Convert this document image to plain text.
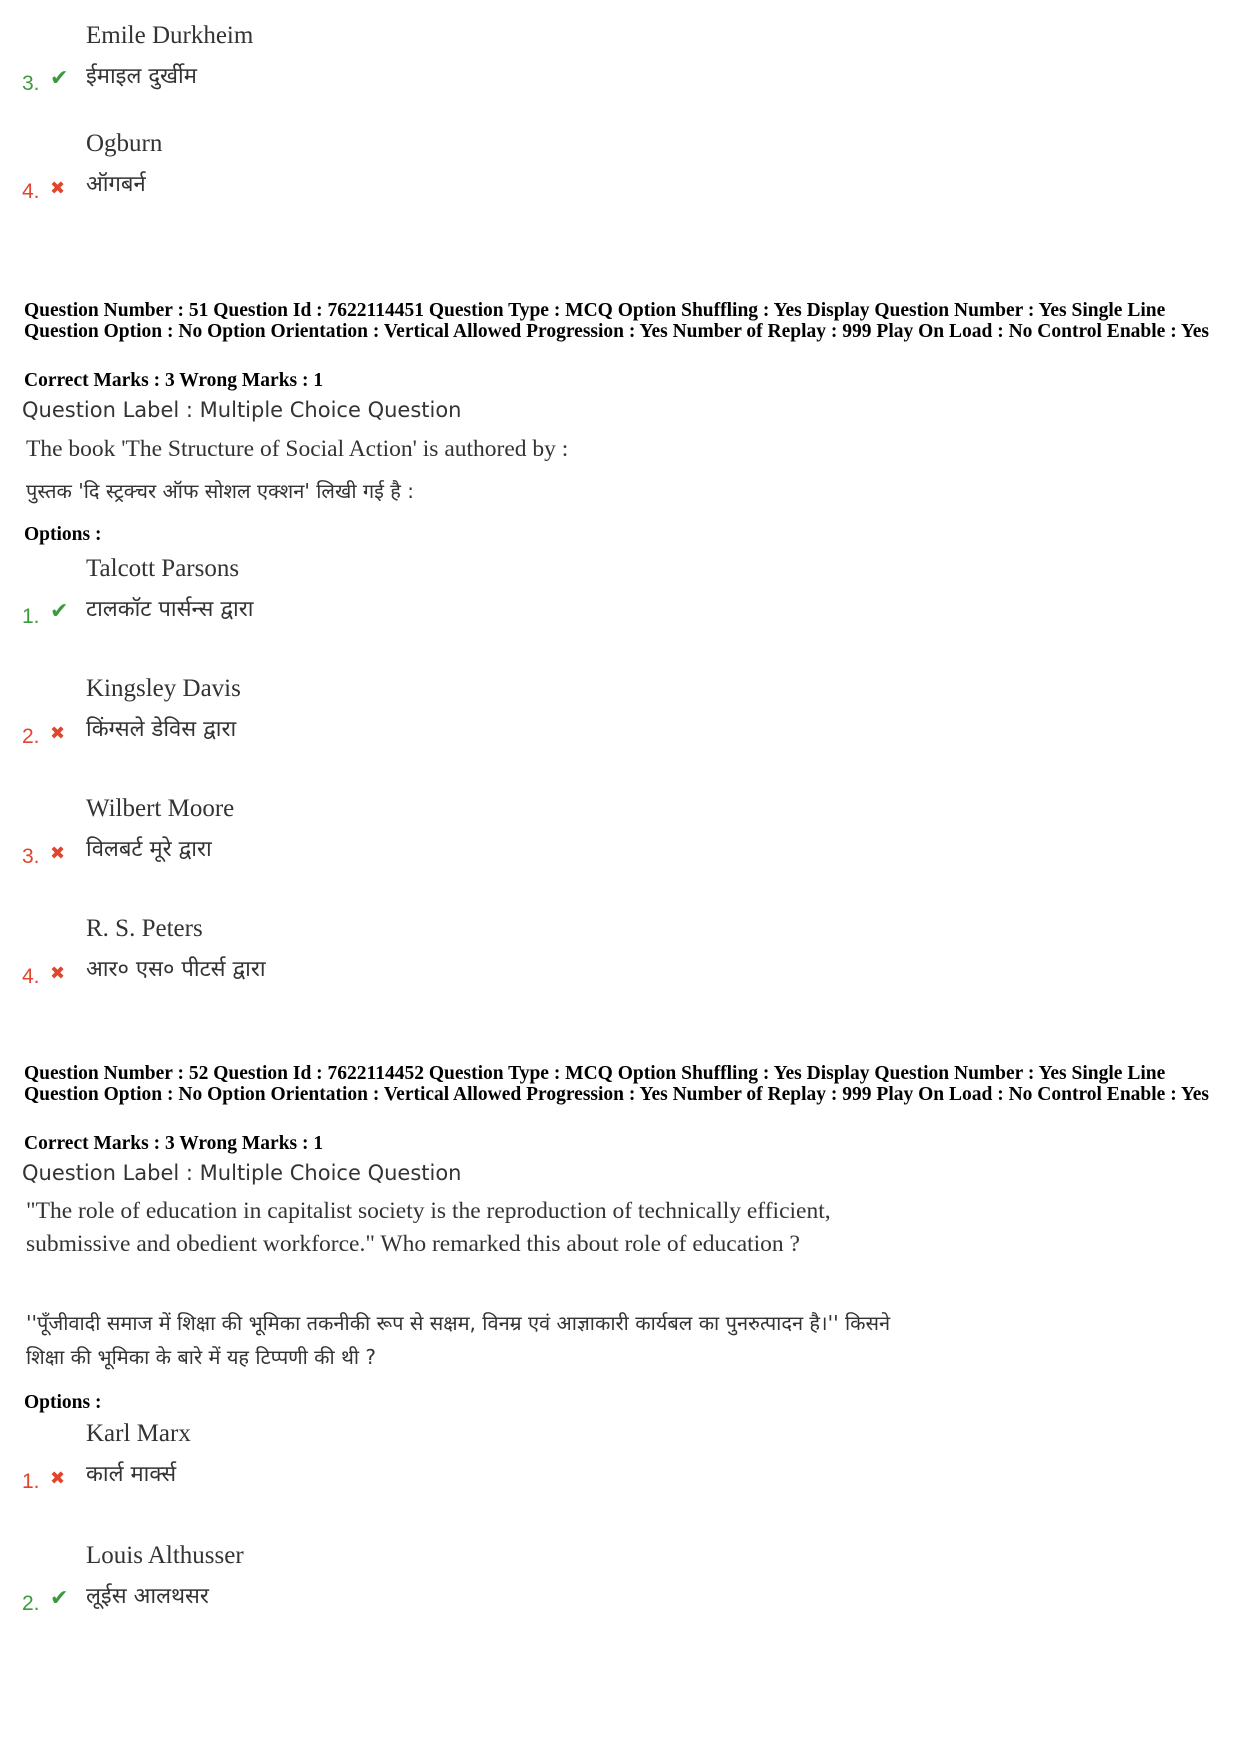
Emile Durkheim
ईमाइल दुर्खीम
3. ✔
Ogburn
ऑगबर्न
4. ✖
Question Number : 51 Question Id : 7622114451 Question Type : MCQ Option Shuffling : Yes Display Question Number : Yes Single Line Question Option : No Option Orientation : Vertical Allowed Progression : Yes Number of Replay : 999 Play On Load : No Control Enable : Yes
Correct Marks : 3 Wrong Marks : 1
Question Label : Multiple Choice Question
The book 'The Structure of Social Action' is authored by :
पुस्तक 'दि स्ट्रक्चर ऑफ सोशल एक्शन' लिखी गई है :
Options :
Talcott Parsons
टालकॉट पार्सन्स द्वारा
1. ✔
Kingsley Davis
किंग्सले डेविस द्वारा
2. ✖
Wilbert Moore
विलबर्ट मूरे द्वारा
3. ✖
R. S. Peters
आर० एस० पीटर्स द्वारा
4. ✖
Question Number : 52 Question Id : 7622114452 Question Type : MCQ Option Shuffling : Yes Display Question Number : Yes Single Line Question Option : No Option Orientation : Vertical Allowed Progression : Yes Number of Replay : 999 Play On Load : No Control Enable : Yes
Correct Marks : 3 Wrong Marks : 1
Question Label : Multiple Choice Question
"The role of education in capitalist society is the reproduction of technically efficient, submissive and obedient workforce." Who remarked this about role of education ?
''पूँजीवादी समाज में शिक्षा की भूमिका तकनीकी रूप से सक्षम, विनम्र एवं आज्ञाकारी कार्यबल का पुनरुत्पादन है।'' किसने शिक्षा की भूमिका के बारे में यह टिप्पणी की थी ?
Options :
Karl Marx
कार्ल मार्क्स
1. ✖
Louis Althusser
लूईस आलथसर
2. ✔
